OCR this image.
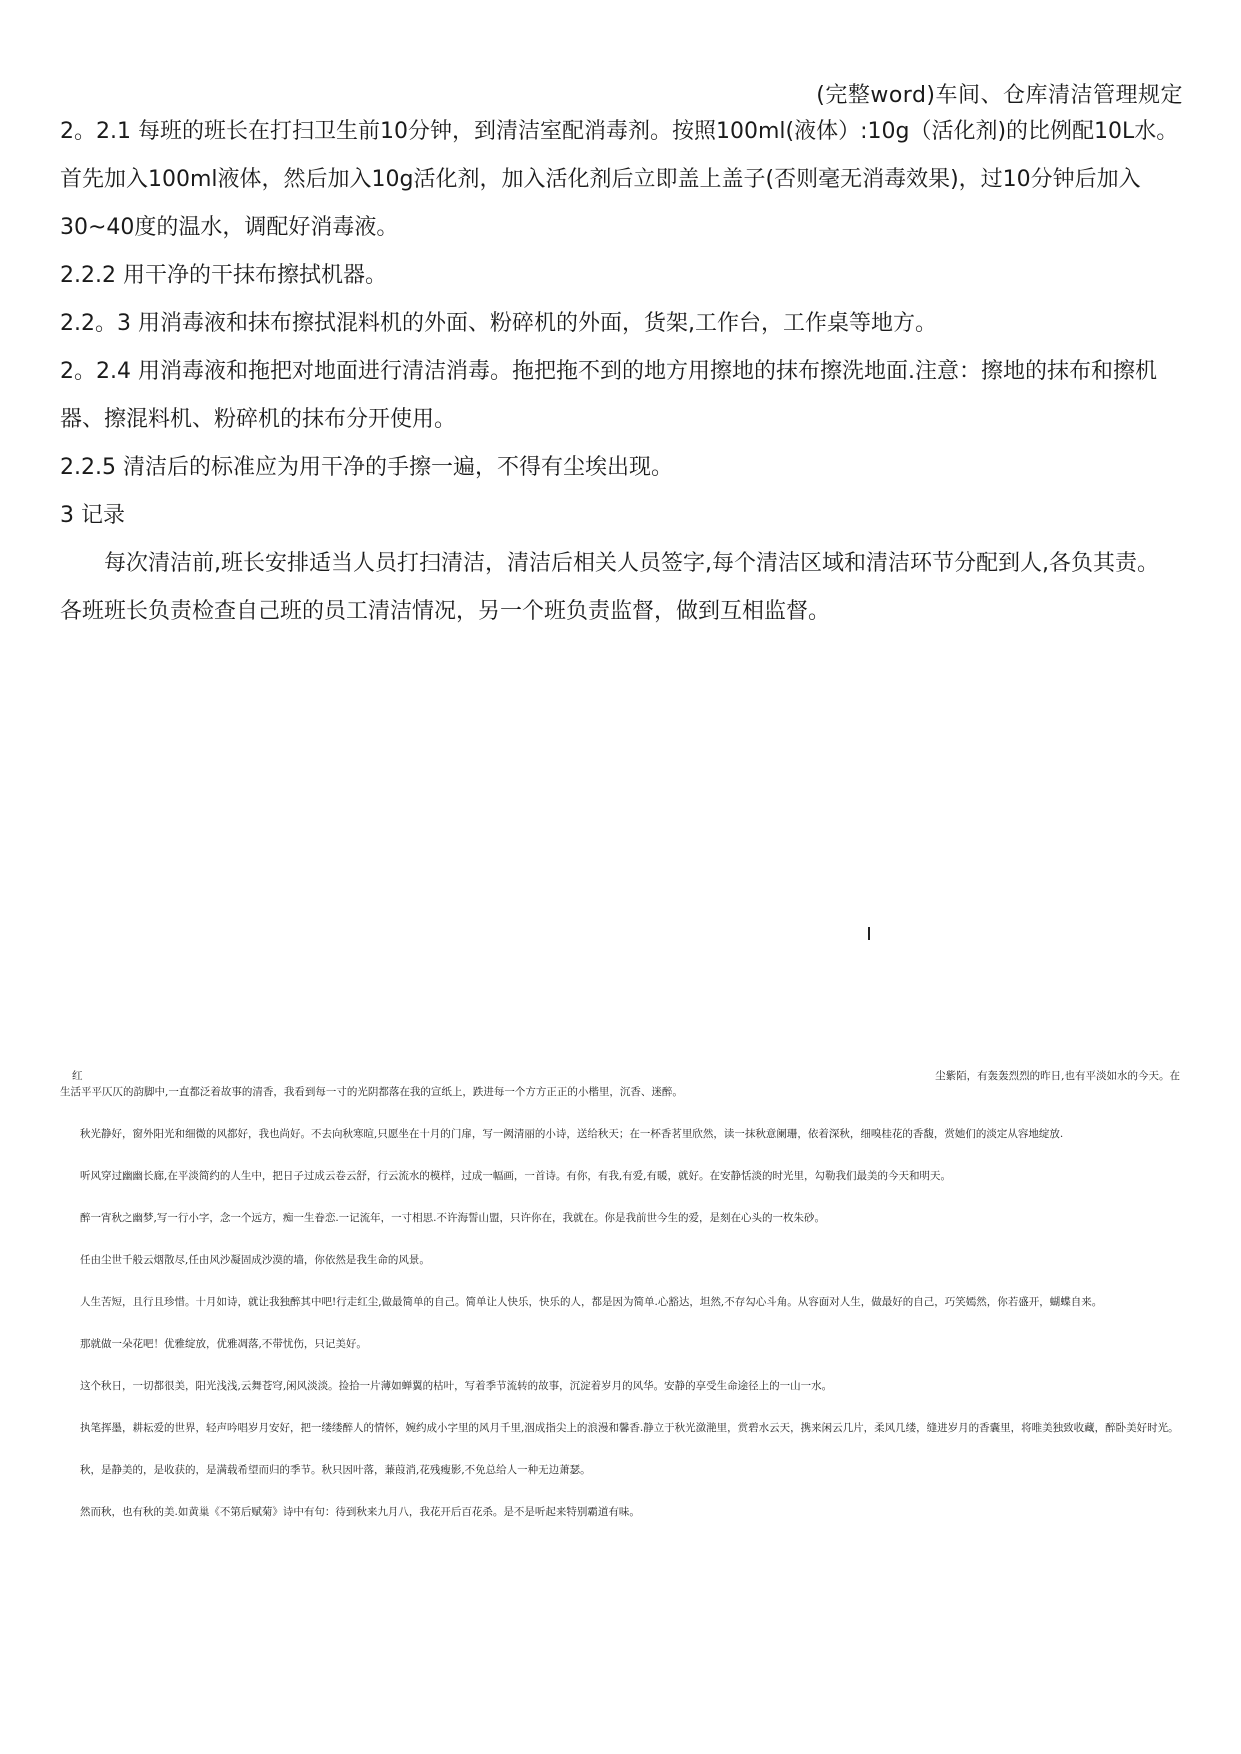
(完整word)车间、仓库清洁管理规定

2。2.1 每班的班长在打扫卫生前10分钟，到清洁室配消毒剂。按照100ml(液体）:10g（活化剂)的比例配10L水。首先加入100ml液体，然后加入10g活化剂，加入活化剂后立即盖上盖子(否则毫无消毒效果)，过10分钟后加入30~40度的温水，调配好消毒液。

2.2.2 用干净的干抹布擦拭机器。

2.2。3 用消毒液和抹布擦拭混料机的外面、粉碎机的外面，货架,工作台，工作桌等地方。

2。2.4 用消毒液和拖把对地面进行清洁消毒。拖把拖不到的地方用擦地的抹布擦洗地面.注意：擦地的抹布和擦机器、擦混料机、粉碎机的抹布分开使用。

2.2.5 清洁后的标准应为用干净的手擦一遍，不得有尘埃出现。

3 记录

每次清洁前,班长安排适当人员打扫清洁，清洁后相关人员签字,每个清洁区域和清洁环节分配到人,各负其责。各班班长负责检查自己班的员工清洁情况，另一个班负责监督，做到互相监督。

红	尘紫陌，有轰轰烈烈的昨日,也有平淡如水的今天。在

生活平平仄仄的韵脚中,一直都泛着故事的清香，我看到每一寸的光阴都落在我的宣纸上，跌进每一个方方正正的小楷里，沉香、迷醉。

秋光静好，窗外阳光和细微的风都好，我也尚好。不去向秋寒暄,只愿坐在十月的门扉，写一阙清丽的小诗，送给秋天；在一杯香茗里欣然，读一抹秋意阑珊，依着深秋，细嗅桂花的香馥，赏她们的淡定从容地绽放.

听风穿过幽幽长廊,在平淡简约的人生中，把日子过成云卷云舒，行云流水的模样，过成一幅画，一首诗。有你，有我,有爱,有暖，就好。在安静恬淡的时光里，勾勒我们最美的今天和明天。

醉一宵秋之幽梦,写一行小字，念一个远方，痴一生眷恋.一记流年，一寸相思.不许海誓山盟，只许你在，我就在。你是我前世今生的爱，是刻在心头的一枚朱砂。

任由尘世千般云烟散尽,任由风沙凝固成沙漠的墙，你依然是我生命的风景。

人生苦短，且行且珍惜。十月如诗，就让我独醉其中吧!行走红尘,做最简单的自己。简单让人快乐，快乐的人，都是因为简单.心豁达，坦然,不存勾心斗角。从容面对人生，做最好的自己，巧笑嫣然，你若盛开，蝴蝶自来。

那就做一朵花吧！优雅绽放，优雅凋落,不带忧伤，只记美好。

这个秋日，一切都很美，阳光浅浅,云舞苍穹,闲风淡淡。捡拾一片薄如蝉翼的枯叶，写着季节流转的故事，沉淀着岁月的风华。安静的享受生命途径上的一山一水。

执笔挥墨，耕耘爱的世界，轻声吟唱岁月安好，把一缕缕醉人的情怀，婉约成小字里的风月千里,洇成指尖上的浪漫和馨香.静立于秋光潋滟里，赏碧水云天，携来闲云几片，柔风几缕，缝进岁月的香囊里，将唯美独致收藏，醉卧美好时光。

秋，是静美的，是收获的，是满载希望而归的季节。秋只因叶落，蒹葭消,花残瘦影,不免总给人一种无边萧瑟。

然而秋，也有秋的美.如黄巢《不第后赋菊》诗中有句：待到秋来九月八，我花开后百花杀。是不是听起来特别霸道有味。
